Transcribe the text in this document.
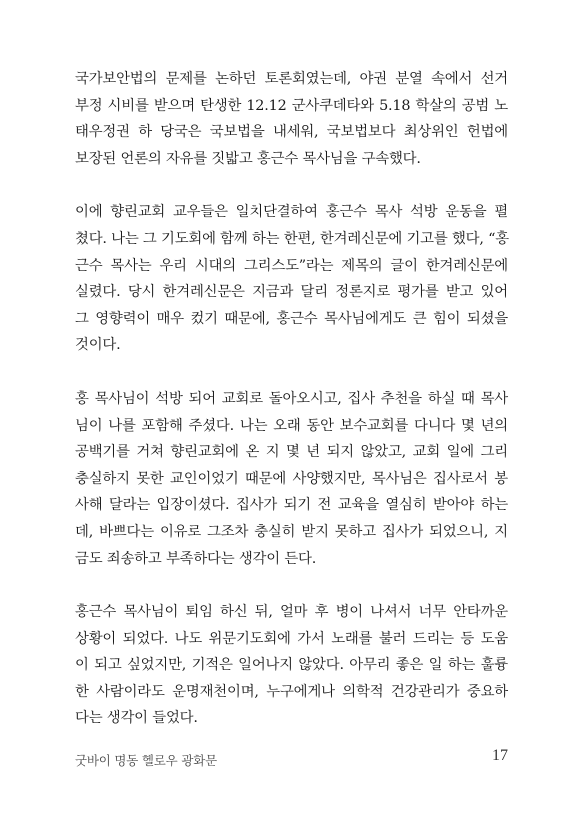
국가보안법의 문제를 논하던 토론회였는데, 야권 분열 속에서 선거
부정 시비를 받으며 탄생한 12.12 군사쿠데타와 5.18 학살의 공범 노
태우정권 하 당국은 국보법을 내세워, 국보법보다 최상위인 헌법에
보장된 언론의 자유를 짓밟고 홍근수 목사님을 구속했다.

이에 향린교회 교우들은 일치단결하여 홍근수 목사 석방 운동을 펼
쳤다. 나는 그 기도회에 함께 하는 한편, 한겨레신문에 기고를 했다, “홍
근수 목사는 우리 시대의 그리스도”라는 제목의 글이 한겨레신문에
실렸다. 당시 한겨레신문은 지금과 달리 정론지로 평가를 받고 있어
그 영향력이 매우 컸기 때문에, 홍근수 목사님에게도 큰 힘이 되셨을
것이다.

홍 목사님이 석방 되어 교회로 돌아오시고, 집사 추천을 하실 때 목사
님이 나를 포함해 주셨다. 나는 오래 동안 보수교회를 다니다 몇 년의
공백기를 거쳐 향린교회에 온 지 몇 년 되지 않았고, 교회 일에 그리
충실하지 못한 교인이었기 때문에 사양했지만, 목사님은 집사로서 봉
사해 달라는 입장이셨다. 집사가 되기 전 교육을 열심히 받아야 하는
데, 바쁘다는 이유로 그조차 충실히 받지 못하고 집사가 되었으니, 지
금도 죄송하고 부족하다는 생각이 든다.

홍근수 목사님이 퇴임 하신 뒤, 얼마 후 병이 나셔서 너무 안타까운
상황이 되었다. 나도 위문기도회에 가서 노래를 불러 드리는 등 도움
이 되고 싶었지만, 기적은 일어나지 않았다. 아무리 좋은 일 하는 훌륭
한 사람이라도 운명재천이며, 누구에게나 의학적 건강관리가 중요하
다는 생각이 들었다.

굿바이 명동 헬로우 광화문	17
